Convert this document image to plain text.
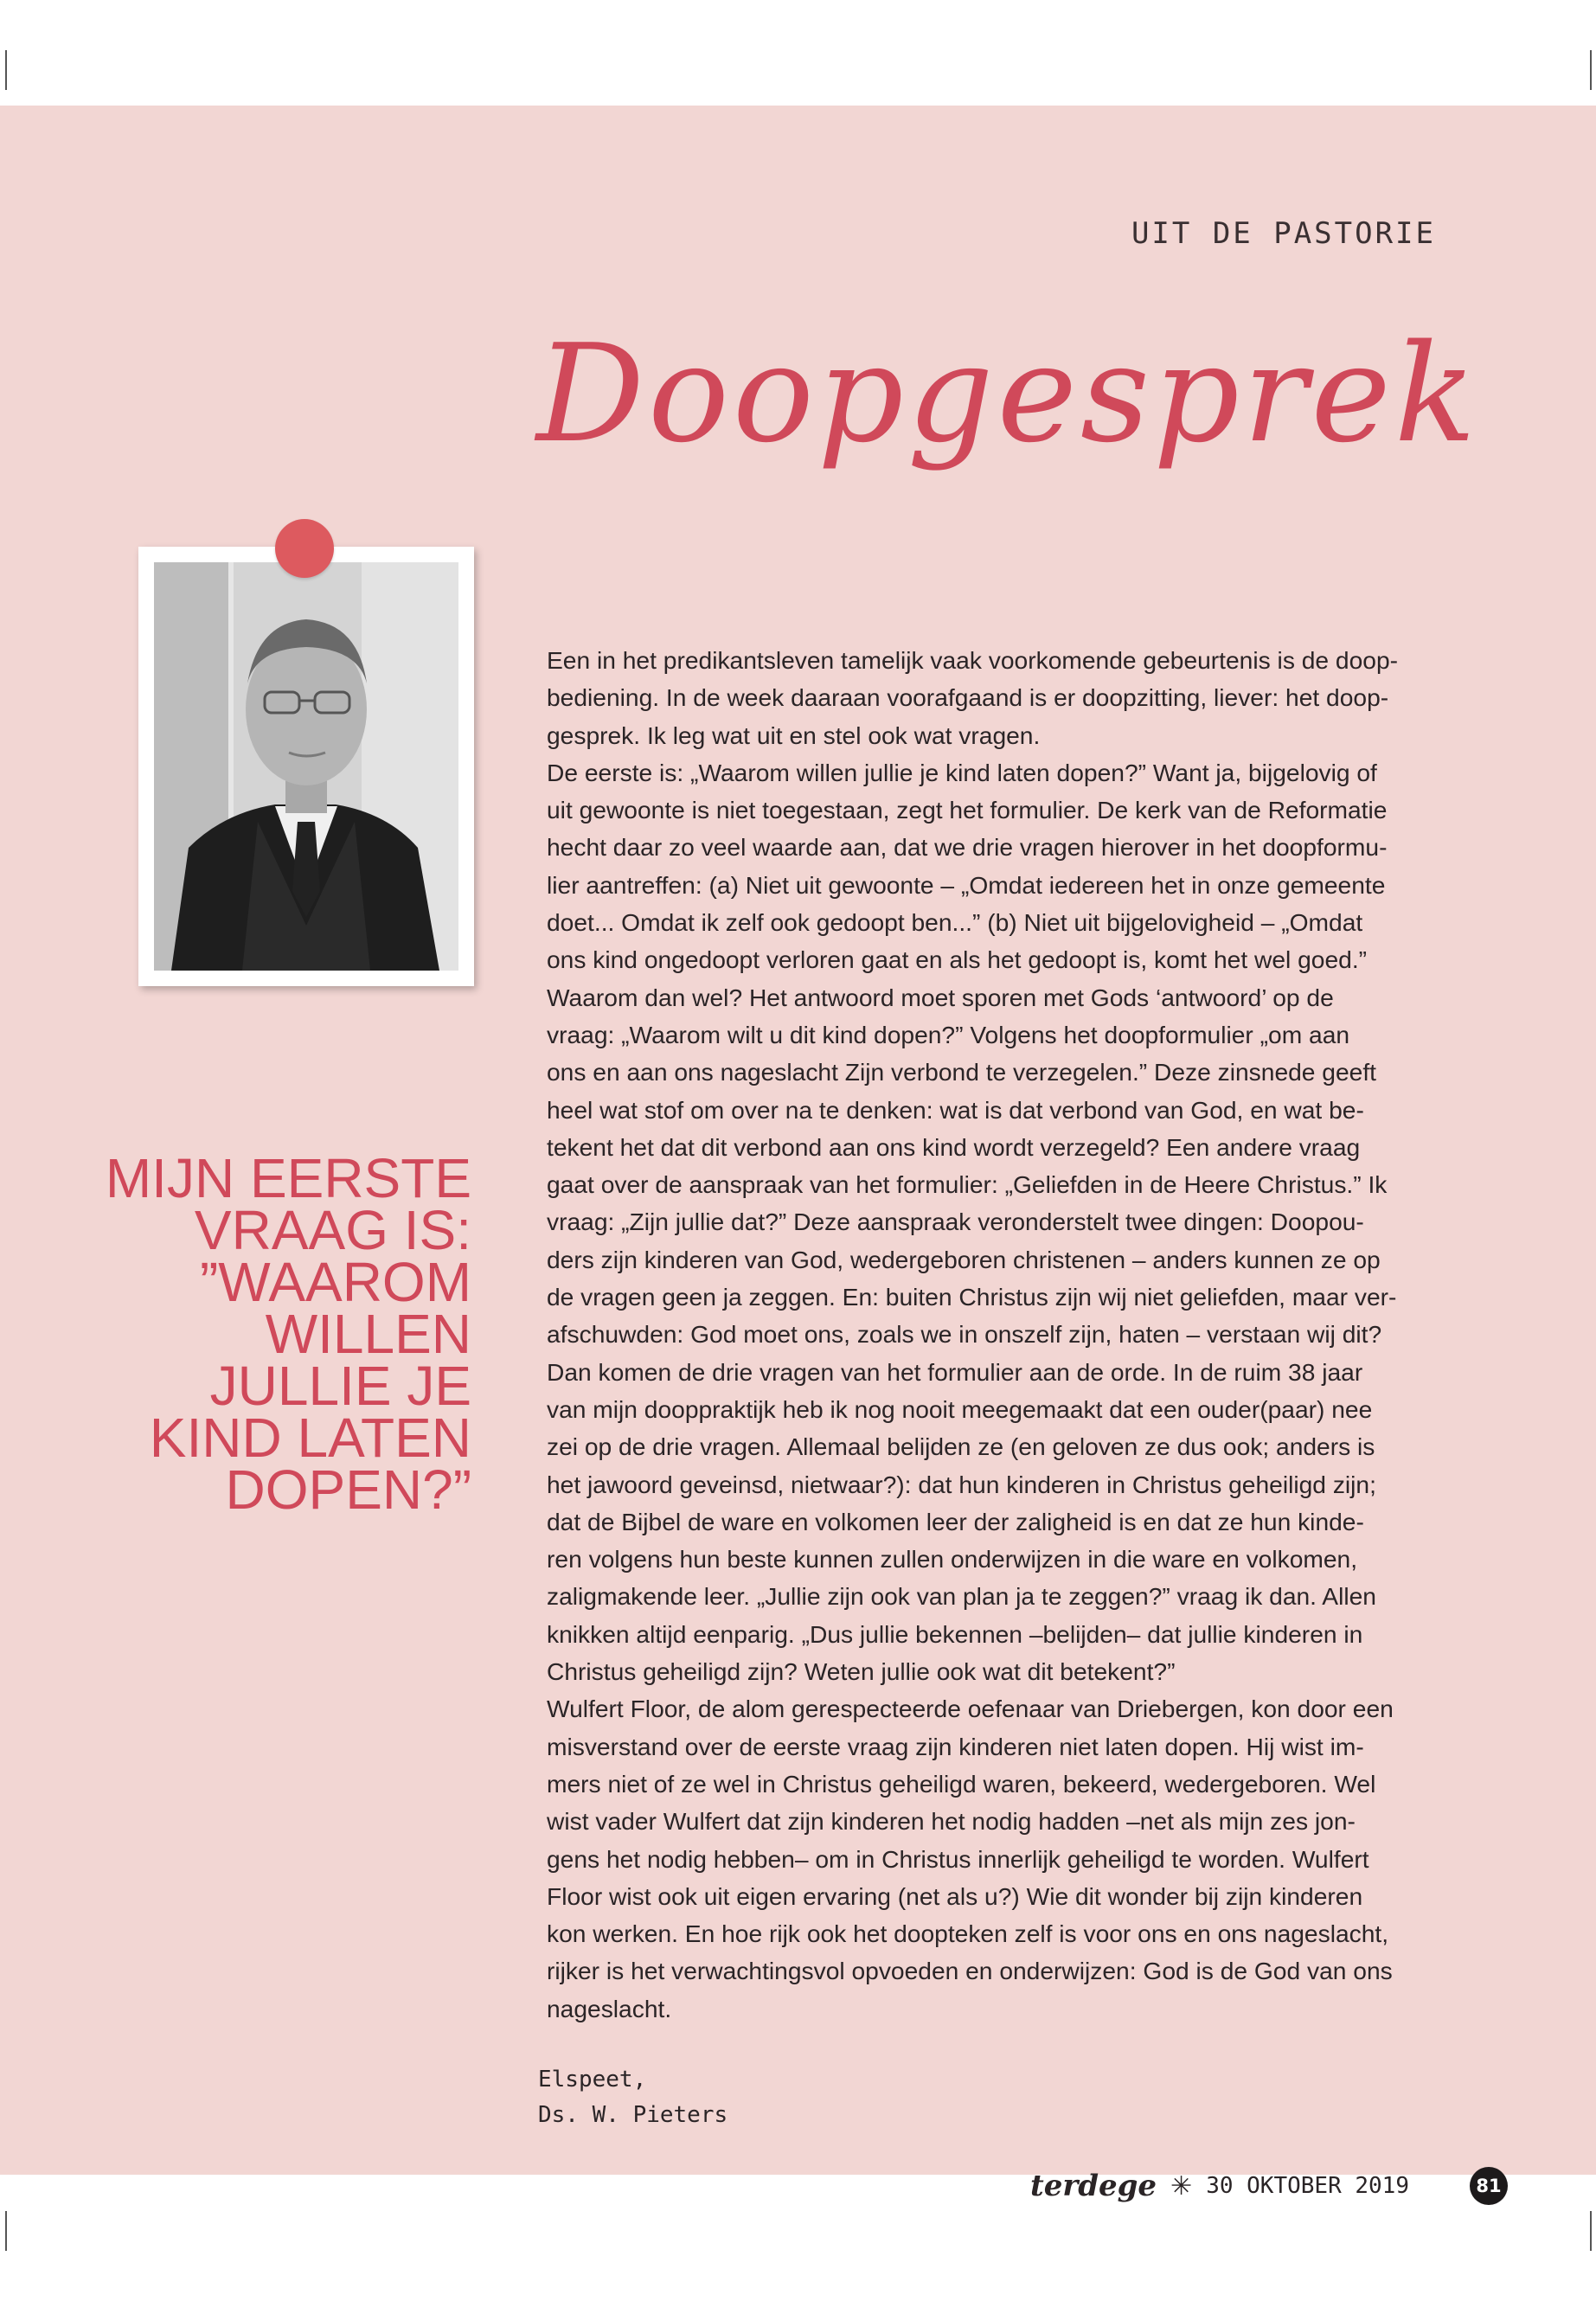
UIT DE PASTORIE
Doopgesprek
MIJN EERSTE VRAAG IS: ”WAAROM WILLEN JULLIE JE KIND LATEN DOPEN?”

Een in het predikantsleven tamelijk vaak voorkomende gebeurtenis is de doop-
bediening. In de week daaraan voorafgaand is er doopzitting, liever: het doop-
gesprek. Ik leg wat uit en stel ook wat vragen.

De eerste is: „Waarom willen jullie je kind laten dopen?” Want ja, bijgelovig of
uit gewoonte is niet toegestaan, zegt het formulier. De kerk van de Reformatie
hecht daar zo veel waarde aan, dat we drie vragen hierover in het doopformu-
lier aantreffen: (a) Niet uit gewoonte – „Omdat iedereen het in onze gemeente
doet... Omdat ik zelf ook gedoopt ben...” (b) Niet uit bijgelovigheid – „Omdat
ons kind ongedoopt verloren gaat en als het gedoopt is, komt het wel goed.”
Waarom dan wel? Het antwoord moet sporen met Gods ‘antwoord’ op de
vraag: „Waarom wilt u dit kind dopen?” Volgens het doopformulier „om aan
ons en aan ons nageslacht Zijn verbond te verzegelen.” Deze zinsnede geeft
heel wat stof om over na te denken: wat is dat verbond van God, en wat be-
tekent het dat dit verbond aan ons kind wordt verzegeld? Een andere vraag
gaat over de aanspraak van het formulier: „Geliefden in de Heere Christus.” Ik
vraag: „Zijn jullie dat?” Deze aanspraak veronderstelt twee dingen: Doopou-
ders zijn kinderen van God, wedergeboren christenen – anders kunnen ze op
de vragen geen ja zeggen. En: buiten Christus zijn wij niet geliefden, maar ver-
afschuwden: God moet ons, zoals we in onszelf zijn, haten – verstaan wij dit?
Dan komen de drie vragen van het formulier aan de orde. In de ruim 38 jaar
van mijn dooppraktijk heb ik nog nooit meegemaakt dat een ouder(paar) nee
zei op de drie vragen. Allemaal belijden ze (en geloven ze dus ook; anders is
het jawoord geveinsd, nietwaar?): dat hun kinderen in Christus geheiligd zijn;
dat de Bijbel de ware en volkomen leer der zaligheid is en dat ze hun kinde-
ren volgens hun beste kunnen zullen onderwijzen in die ware en volkomen,
zaligmakende leer. „Jullie zijn ook van plan ja te zeggen?” vraag ik dan. Allen
knikken altijd eenparig. „Dus jullie bekennen –belijden– dat jullie kinderen in
Christus geheiligd zijn? Weten jullie ook wat dit betekent?”

Wulfert Floor, de alom gerespecteerde oefenaar van Driebergen, kon door een
misverstand over de eerste vraag zijn kinderen niet laten dopen. Hij wist im-
mers niet of ze wel in Christus geheiligd waren, bekeerd, wedergeboren. Wel
wist vader Wulfert dat zijn kinderen het nodig hadden –net als mijn zes jon-
gens het nodig hebben– om in Christus innerlijk geheiligd te worden. Wulfert
Floor wist ook uit eigen ervaring (net als u?) Wie dit wonder bij zijn kinderen
kon werken. En hoe rijk ook het doopteken zelf is voor ons en ons nageslacht,
rijker is het verwachtingsvol opvoeden en onderwijzen: God is de God van ons
nageslacht.

Elspeet,
Ds. W. Pieters
terdege ✳ 30 OKTOBER 2019	81
